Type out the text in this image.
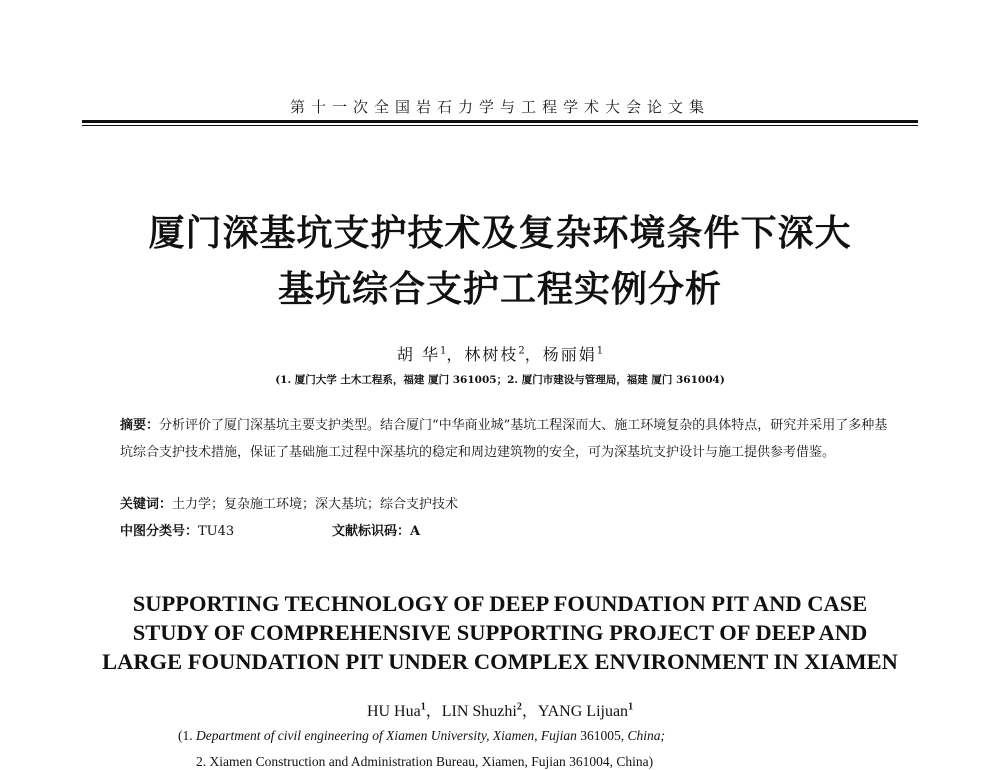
第十一次全国岩石力学与工程学术大会论文集
厦门深基坑支护技术及复杂环境条件下深大
基坑综合支护工程实例分析
胡 华$^1$，林树枝$^2$，杨丽娟$^1$
(1. 厦门大学 土木工程系，福建 厦门 361005；2. 厦门市建设与管理局，福建 厦门 361004)
摘要：分析评价了厦门深基坑主要支护类型。结合厦门“中华商业城”基坑工程深而大、施工环境复杂的具体特点，研究并采用了多种基坑综合支护技术措施，保证了基础施工过程中深基坑的稳定和周边建筑物的安全，可为深基坑支护设计与施工提供参考借鉴。
关键词：土力学；复杂施工环境；深大基坑；综合支护技术
中图分类号：TU43	文献标识码：A
SUPPORTING TECHNOLOGY OF DEEP FOUNDATION PIT AND CASE
STUDY OF COMPREHENSIVE SUPPORTING PROJECT OF DEEP AND
LARGE FOUNDATION PIT UNDER COMPLEX ENVIRONMENT IN XIAMEN
HU Hua$^1$，LIN Shuzhi$^2$，YANG Lijuan$^1$
(1. Department of civil engineering of Xiamen University, Xiamen, Fujian 361005, China;
2. Xiamen Construction and Administration Bureau, Xiamen, Fujian 361004, China)
